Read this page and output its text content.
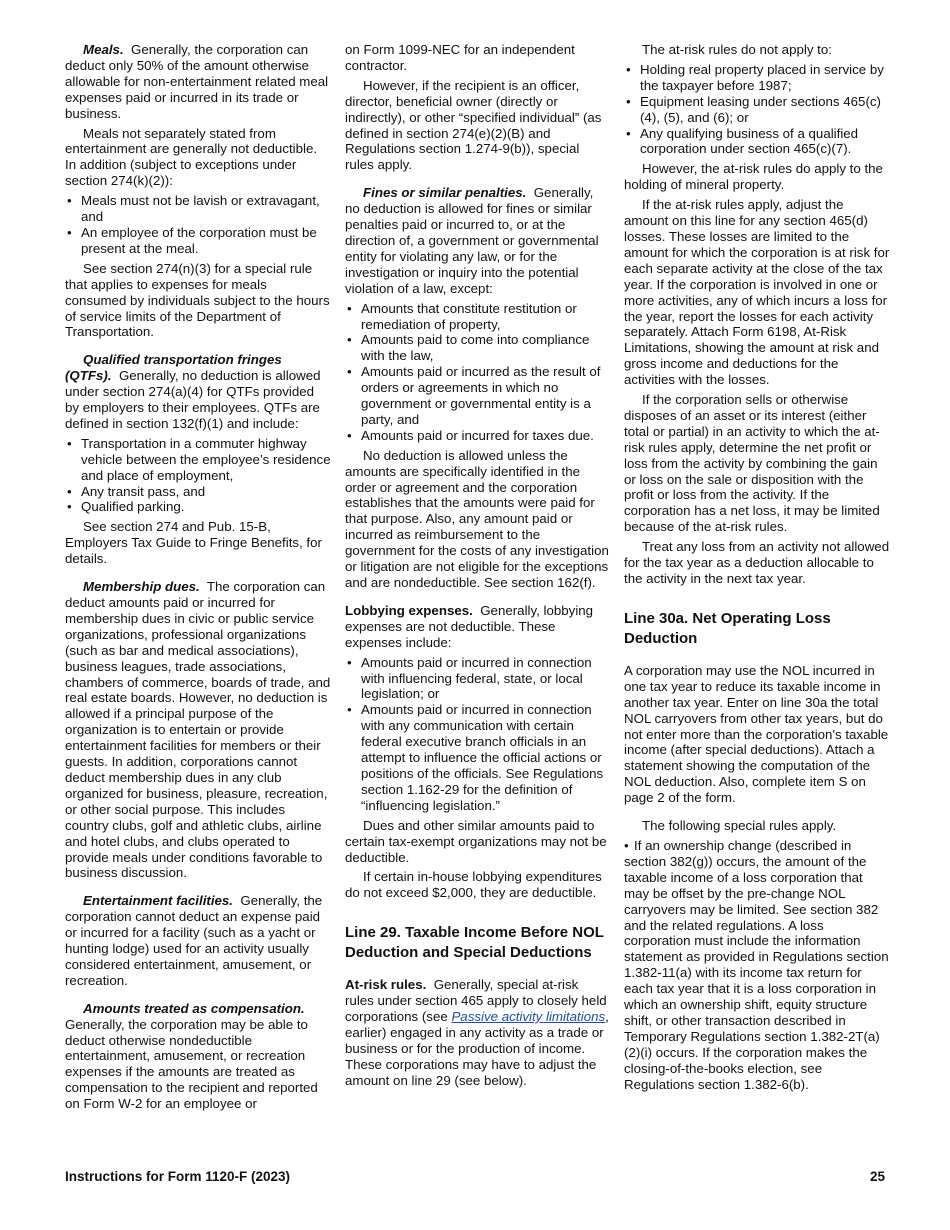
Meals. Generally, the corporation can deduct only 50% of the amount otherwise allowable for non-entertainment related meal expenses paid or incurred in its trade or business.

Meals not separately stated from entertainment are generally not deductible. In addition (subject to exceptions under section 274(k)(2)):

• Meals must not be lavish or extravagant, and
• An employee of the corporation must be present at the meal.

See section 274(n)(3) for a special rule that applies to expenses for meals consumed by individuals subject to the hours of service limits of the Department of Transportation.

Qualified transportation fringes (QTFs). Generally, no deduction is allowed under section 274(a)(4) for QTFs provided by employers to their employees. QTFs are defined in section 132(f)(1) and include:

• Transportation in a commuter highway vehicle between the employee’s residence and place of employment,
• Any transit pass, and
• Qualified parking.

See section 274 and Pub. 15-B, Employers Tax Guide to Fringe Benefits, for details.

Membership dues. The corporation can deduct amounts paid or incurred for membership dues in civic or public service organizations, professional organizations (such as bar and medical associations), business leagues, trade associations, chambers of commerce, boards of trade, and real estate boards. However, no deduction is allowed if a principal purpose of the organization is to entertain or provide entertainment facilities for members or their guests. In addition, corporations cannot deduct membership dues in any club organized for business, pleasure, recreation, or other social purpose. This includes country clubs, golf and athletic clubs, airline and hotel clubs, and clubs operated to provide meals under conditions favorable to business discussion.

Entertainment facilities. Generally, the corporation cannot deduct an expense paid or incurred for a facility (such as a yacht or hunting lodge) used for an activity usually considered entertainment, amusement, or recreation.

Amounts treated as compensation. Generally, the corporation may be able to deduct otherwise nondeductible entertainment, amusement, or recreation expenses if the amounts are treated as compensation to the recipient and reported on Form W-2 for an employee or

on Form 1099-NEC for an independent contractor.

However, if the recipient is an officer, director, beneficial owner (directly or indirectly), or other “specified individual” (as defined in section 274(e)(2)(B) and Regulations section 1.274-9(b)), special rules apply.

Fines or similar penalties. Generally, no deduction is allowed for fines or similar penalties paid or incurred to, or at the direction of, a government or governmental entity for violating any law, or for the investigation or inquiry into the potential violation of a law, except:

• Amounts that constitute restitution or remediation of property,
• Amounts paid to come into compliance with the law,
• Amounts paid or incurred as the result of orders or agreements in which no government or governmental entity is a party, and
• Amounts paid or incurred for taxes due.

No deduction is allowed unless the amounts are specifically identified in the order or agreement and the corporation establishes that the amounts were paid for that purpose. Also, any amount paid or incurred as reimbursement to the government for the costs of any investigation or litigation are not eligible for the exceptions and are nondeductible. See section 162(f).

Lobbying expenses. Generally, lobbying expenses are not deductible. These expenses include:

• Amounts paid or incurred in connection with influencing federal, state, or local legislation; or
• Amounts paid or incurred in connection with any communication with certain federal executive branch officials in an attempt to influence the official actions or positions of the officials. See Regulations section 1.162-29 for the definition of “influencing legislation.”

Dues and other similar amounts paid to certain tax-exempt organizations may not be deductible.

If certain in-house lobbying expenditures do not exceed $2,000, they are deductible.

Line 29. Taxable Income Before NOL Deduction and Special Deductions

At-risk rules. Generally, special at-risk rules under section 465 apply to closely held corporations (see Passive activity limitations, earlier) engaged in any activity as a trade or business or for the production of income. These corporations may have to adjust the amount on line 29 (see below).

The at-risk rules do not apply to:

• Holding real property placed in service by the taxpayer before 1987;
• Equipment leasing under sections 465(c)(4), (5), and (6); or
• Any qualifying business of a qualified corporation under section 465(c)(7).

However, the at-risk rules do apply to the holding of mineral property.

If the at-risk rules apply, adjust the amount on this line for any section 465(d) losses. These losses are limited to the amount for which the corporation is at risk for each separate activity at the close of the tax year. If the corporation is involved in one or more activities, any of which incurs a loss for the year, report the losses for each activity separately. Attach Form 6198, At-Risk Limitations, showing the amount at risk and gross income and deductions for the activities with the losses.

If the corporation sells or otherwise disposes of an asset or its interest (either total or partial) in an activity to which the at-risk rules apply, determine the net profit or loss from the activity by combining the gain or loss on the sale or disposition with the profit or loss from the activity. If the corporation has a net loss, it may be limited because of the at-risk rules.

Treat any loss from an activity not allowed for the tax year as a deduction allocable to the activity in the next tax year.

Line 30a. Net Operating Loss Deduction

A corporation may use the NOL incurred in one tax year to reduce its taxable income in another tax year. Enter on line 30a the total NOL carryovers from other tax years, but do not enter more than the corporation's taxable income (after special deductions). Attach a statement showing the computation of the NOL deduction. Also, complete item S on page 2 of the form.

The following special rules apply.

• If an ownership change (described in section 382(g)) occurs, the amount of the taxable income of a loss corporation that may be offset by the pre-change NOL carryovers may be limited. See section 382 and the related regulations. A loss corporation must include the information statement as provided in Regulations section 1.382-11(a) with its income tax return for each tax year that it is a loss corporation in which an ownership shift, equity structure shift, or other transaction described in Temporary Regulations section 1.382-2T(a)(2)(i) occurs. If the corporation makes the closing-of-the-books election, see Regulations section 1.382-6(b).
Instructions for Form 1120-F (2023)	25
